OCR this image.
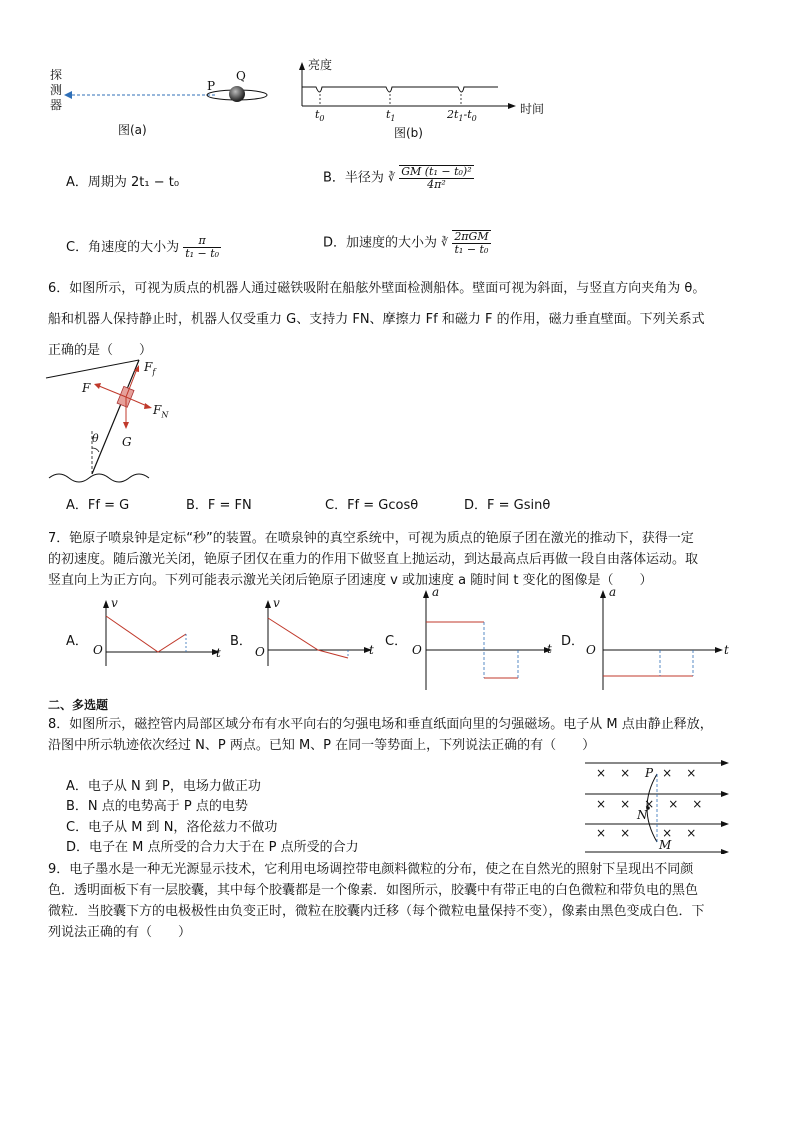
探
测
器
P
Q
图(a)
亮度
时间
$t_0$	$t_1$	$2t_1-t_0$
图(b)
A．周期为 2t₁ − t₀	B．半径为 ∛ $\frac{\text{GM (t₁ − t₀)²}}{\text{4π²}}$
C．角速度的大小为 $\frac{\pi}{\text{t₁ − t₀}}$	D．加速度的大小为 ∛ $\frac{\text{2πGM}}{\text{t₁ − t₀}}$
6．如图所示，可视为质点的机器人通过磁铁吸附在船舷外壁面检测船体。壁面可视为斜面，与竖直方向夹角为 θ。
船和机器人保持静止时，机器人仅受重力 G、支持力 FN、摩擦力 Ff 和磁力 F 的作用，磁力垂直壁面。下列关系式
正确的是（　　）
$F_f$
F
$F_N$
G
θ
A．Ff = G	B．F = FN	C．Ff = Gcosθ	D．F = Gsinθ
7．铯原子喷泉钟是定标“秒”的装置。在喷泉钟的真空系统中，可视为质点的铯原子团在激光的推动下，获得一定
的初速度。随后激光关闭，铯原子团仅在重力的作用下做竖直上抛运动，到达最高点后再做一段自由落体运动。取
竖直向上为正方向。下列可能表示激光关闭后铯原子团速度 v 或加速度 a 随时间 t 变化的图像是（　　）
A．
v
O	t
B．
v
O	t
C．
a
O	t D．
a
O	t
二、多选题
8．如图所示，磁控管内局部区域分布有水平向右的匀强电场和垂直纸面向里的匀强磁场。电子从 M 点由静止释放，
沿图中所示轨迹依次经过 N、P 两点。已知 M、P 在同一等势面上，下列说法正确的有（　　）
A．电子从 N 到 P，电场力做正功
B．N 点的电势高于 P 点的电势
C．电子从 M 到 N，洛伦兹力不做功
D．电子在 M 点所受的合力大于在 P 点所受的合力
×× ××
×××××
×× ××
P
N
M
9．电子墨水是一种无光源显示技术，它利用电场调控带电颜料微粒的分布，使之在自然光的照射下呈现出不同颜
色．透明面板下有一层胶囊，其中每个胶囊都是一个像素．如图所示，胶囊中有带正电的白色微粒和带负电的黑色
微粒．当胶囊下方的电极极性由负变正时，微粒在胶囊内迁移（每个微粒电量保持不变），像素由黑色变成白色．下
列说法正确的有（　　）
